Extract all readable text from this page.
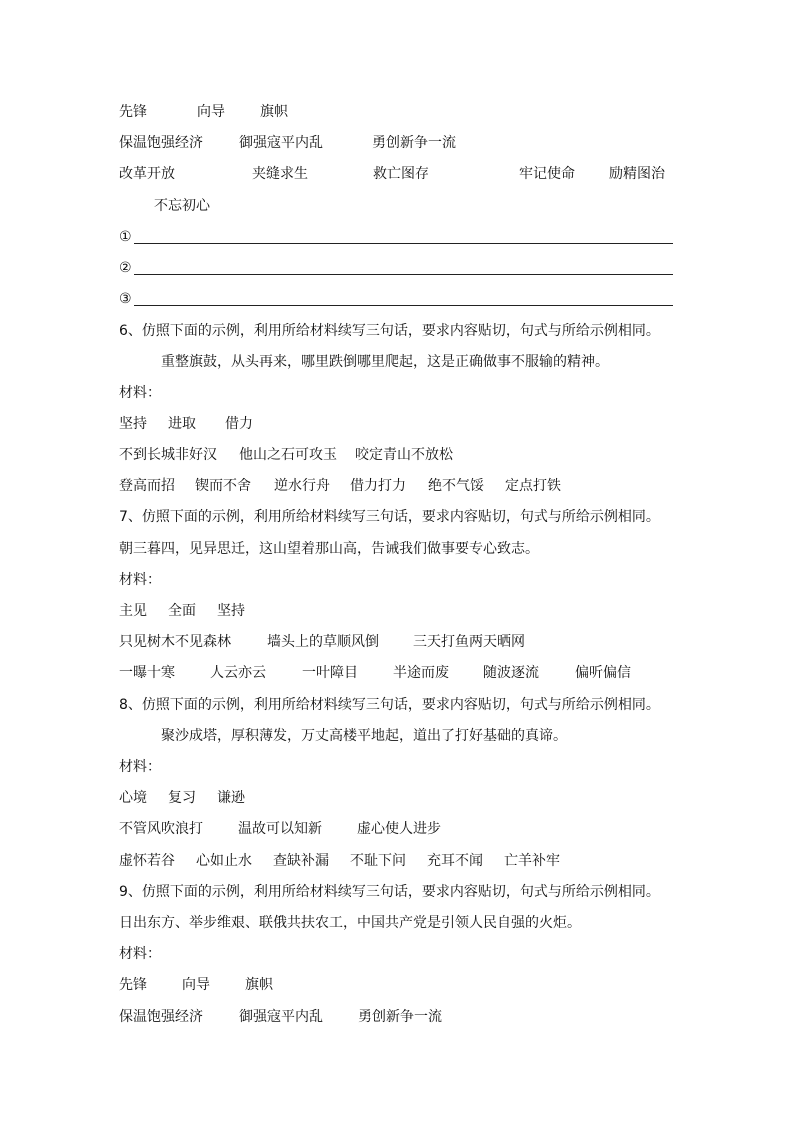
先锋	向导	旗帜
保温饱强经济	御强寇平内乱	勇创新争一流
改革开放	夹缝求生	救亡图存	牢记使命 励精图治
不忘初心
①
②
③
6、仿照下面的示例，利用所给材料续写三句话，要求内容贴切，句式与所给示例相同。
重整旗鼓，从头再来，哪里跌倒哪里爬起，这是正确做事不服输的精神。
材料：
坚持 进取 借力
不到长城非好汉 他山之石可攻玉 咬定青山不放松
登高而招 锲而不舍 逆水行舟 借力打力 绝不气馁 定点打铁
7、仿照下面的示例，利用所给材料续写三句话，要求内容贴切，句式与所给示例相同。
朝三暮四，见异思迁，这山望着那山高，告诫我们做事要专心致志。
材料：
主见 全面 坚持
只见树木不见森林	墙头上的草顺风倒 三天打鱼两天晒网
一曝十寒	人云亦云	一叶障目	半途而废 随波逐流	偏听偏信
8、仿照下面的示例，利用所给材料续写三句话，要求内容贴切，句式与所给示例相同。
聚沙成塔，厚积薄发，万丈高楼平地起，道出了打好基础的真谛。
材料：
心境 复习 谦逊
不管风吹浪打	温故可以知新	虚心使人进步
虚怀若谷 心如止水 查缺补漏 不耻下问 充耳不闻 亡羊补牢
9、仿照下面的示例，利用所给材料续写三句话，要求内容贴切，句式与所给示例相同。
日出东方、举步维艰、联俄共扶农工，中国共产党是引领人民自强的火炬。
材料：
先锋	向导	旗帜
保温饱强经济	御强寇平内乱	勇创新争一流
